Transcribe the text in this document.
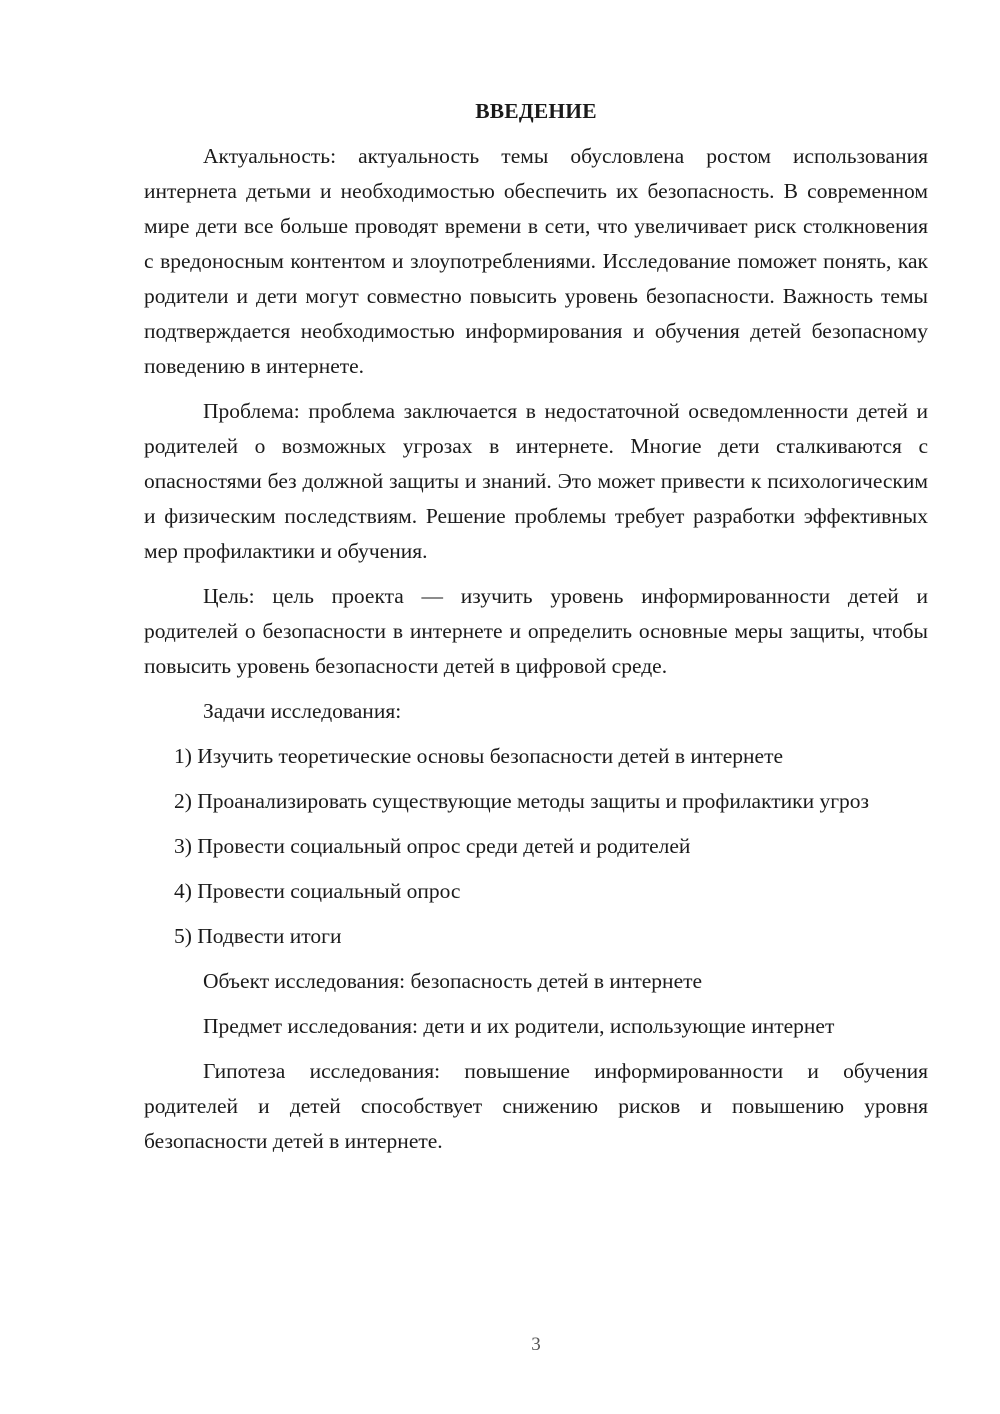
ВВЕДЕНИЕ
Актуальность: актуальность темы обусловлена ростом использования интернета детьми и необходимостью обеспечить их безопасность. В современном мире дети все больше проводят времени в сети, что увеличивает риск столкновения с вредоносным контентом и злоупотреблениями. Исследование поможет понять, как родители и дети могут совместно повысить уровень безопасности. Важность темы подтверждается необходимостью информирования и обучения детей безопасному поведению в интернете.
Проблема: проблема заключается в недостаточной осведомленности детей и родителей о возможных угрозах в интернете. Многие дети сталкиваются с опасностями без должной защиты и знаний. Это может привести к психологическим и физическим последствиям. Решение проблемы требует разработки эффективных мер профилактики и обучения.
Цель: цель проекта — изучить уровень информированности детей и родителей о безопасности в интернете и определить основные меры защиты, чтобы повысить уровень безопасности детей в цифровой среде.
Задачи исследования:
1) Изучить теоретические основы безопасности детей в интернете
2) Проанализировать существующие методы защиты и профилактики угроз
3) Провести социальный опрос среди детей и родителей
4) Провести социальный опрос
5) Подвести итоги
Объект исследования: безопасность детей в интернете
Предмет исследования: дети и их родители, использующие интернет
Гипотеза исследования: повышение информированности и обучения родителей и детей способствует снижению рисков и повышению уровня безопасности детей в интернете.
3
